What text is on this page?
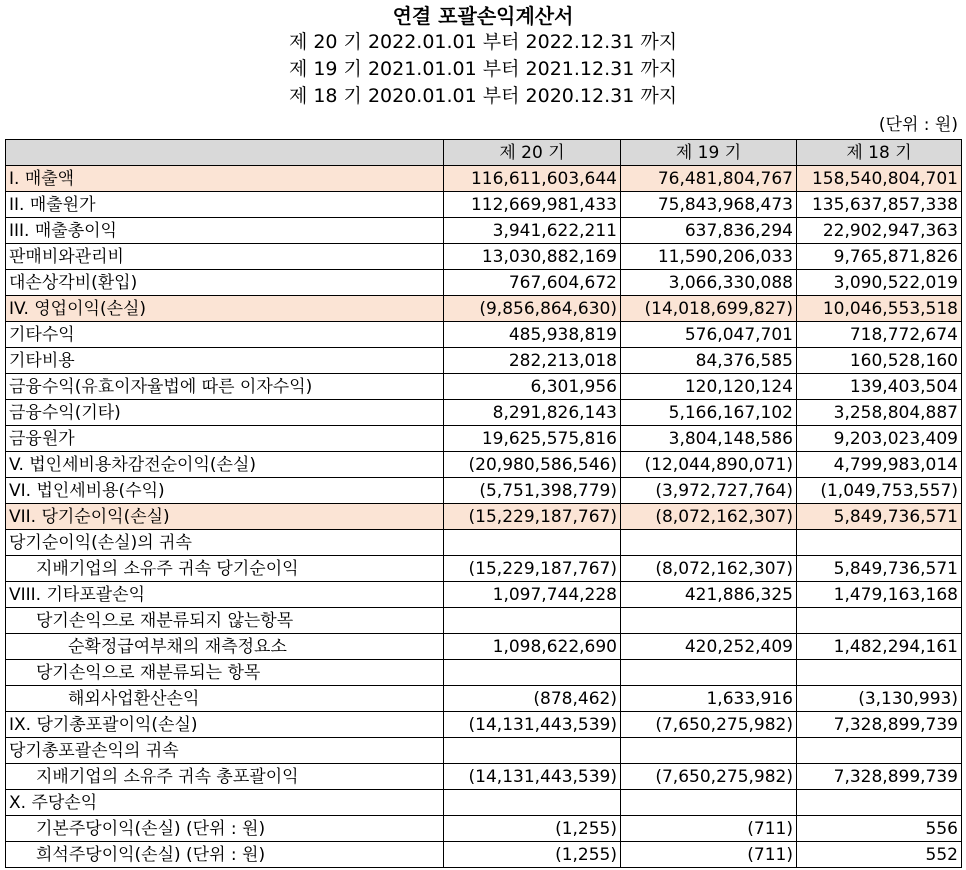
연결 포괄손익계산서
제 20 기 2022.01.01 부터 2022.12.31 까지
제 19 기 2021.01.01 부터 2021.12.31 까지
제 18 기 2020.01.01 부터 2020.12.31 까지
(단위 : 원)
	제 20 기	제 19 기	제 18 기
I. 매출액	116,611,603,644	76,481,804,767	158,540,804,701
II. 매출원가	112,669,981,433	75,843,968,473	135,637,857,338
III. 매출총이익	3,941,622,211	637,836,294	22,902,947,363
판매비와관리비	13,030,882,169	11,590,206,033	9,765,871,826
대손상각비(환입)	767,604,672	3,066,330,088	3,090,522,019
IV. 영업이익(손실)	(9,856,864,630)	(14,018,699,827)	10,046,553,518
기타수익	485,938,819	576,047,701	718,772,674
기타비용	282,213,018	84,376,585	160,528,160
금융수익(유효이자율법에 따른 이자수익)	6,301,956	120,120,124	139,403,504
금융수익(기타)	8,291,826,143	5,166,167,102	3,258,804,887
금융원가	19,625,575,816	3,804,148,586	9,203,023,409
V. 법인세비용차감전순이익(손실)	(20,980,586,546)	(12,044,890,071)	4,799,983,014
VI. 법인세비용(수익)	(5,751,398,779)	(3,972,727,764)	(1,049,753,557)
VII. 당기순이익(손실)	(15,229,187,767)	(8,072,162,307)	5,849,736,571
당기순이익(손실)의 귀속			
지배기업의 소유주 귀속 당기순이익	(15,229,187,767)	(8,072,162,307)	5,849,736,571
VIII. 기타포괄손익	1,097,744,228	421,886,325	1,479,163,168
당기손익으로 재분류되지 않는항목			
순확정급여부채의 재측정요소	1,098,622,690	420,252,409	1,482,294,161
당기손익으로 재분류되는 항목			
해외사업환산손익	(878,462)	1,633,916	(3,130,993)
IX. 당기총포괄이익(손실)	(14,131,443,539)	(7,650,275,982)	7,328,899,739
당기총포괄손익의 귀속			
지배기업의 소유주 귀속 총포괄이익	(14,131,443,539)	(7,650,275,982)	7,328,899,739
X. 주당손익			
기본주당이익(손실) (단위 : 원)	(1,255)	(711)	556
희석주당이익(손실) (단위 : 원)	(1,255)	(711)	552
